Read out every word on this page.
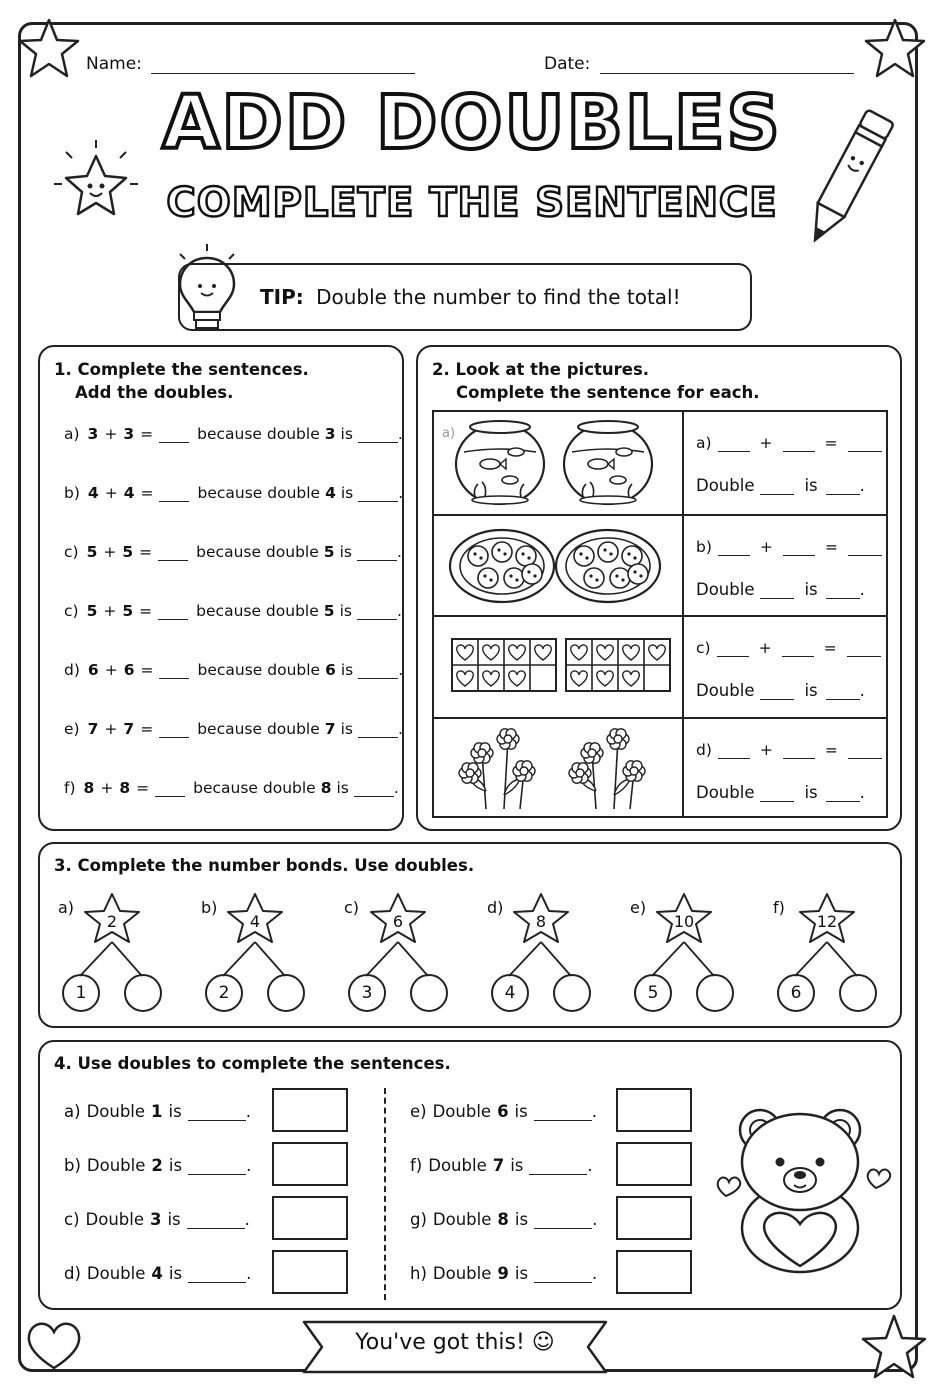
Name:	Date:
ADD DOUBLES
COMPLETE THE SENTENCE
TIP: Double the number to find the total!
1. Complete the sentences.
Add the doubles.
a) 3 + 3 =	because double 3 is	.
b) 4 + 4 =	because double 4 is	.
c) 5 + 5 =	because double 5 is	.
c) 5 + 5 =	because double 5 is	.
d) 6 + 6 =	because double 6 is	.
e) 7 + 7 =	because double 7 is	.
f) 8 + 8 =	because double 8 is	.
2. Look at the pictures.
Complete the sentence for each.
a)
a)	+	=
Double	is	.
b)	+	=
Double	is	.
c)	+	=
Double	is	.
d)	+	=
Double	is	.
3. Complete the number bonds. Use doubles.
a)
2
1
b)
4
2
c)
6
3
d)
8
4
e)
10
5
f)
12
6
4. Use doubles to complete the sentences.
a) Double 1 is	.
b) Double 2 is	.
c) Double 3 is	.
d) Double 4 is	.
e) Double 6 is	.
f) Double 7 is	.
g) Double 8 is	.
h) Double 9 is	.
You've got this! ☺
